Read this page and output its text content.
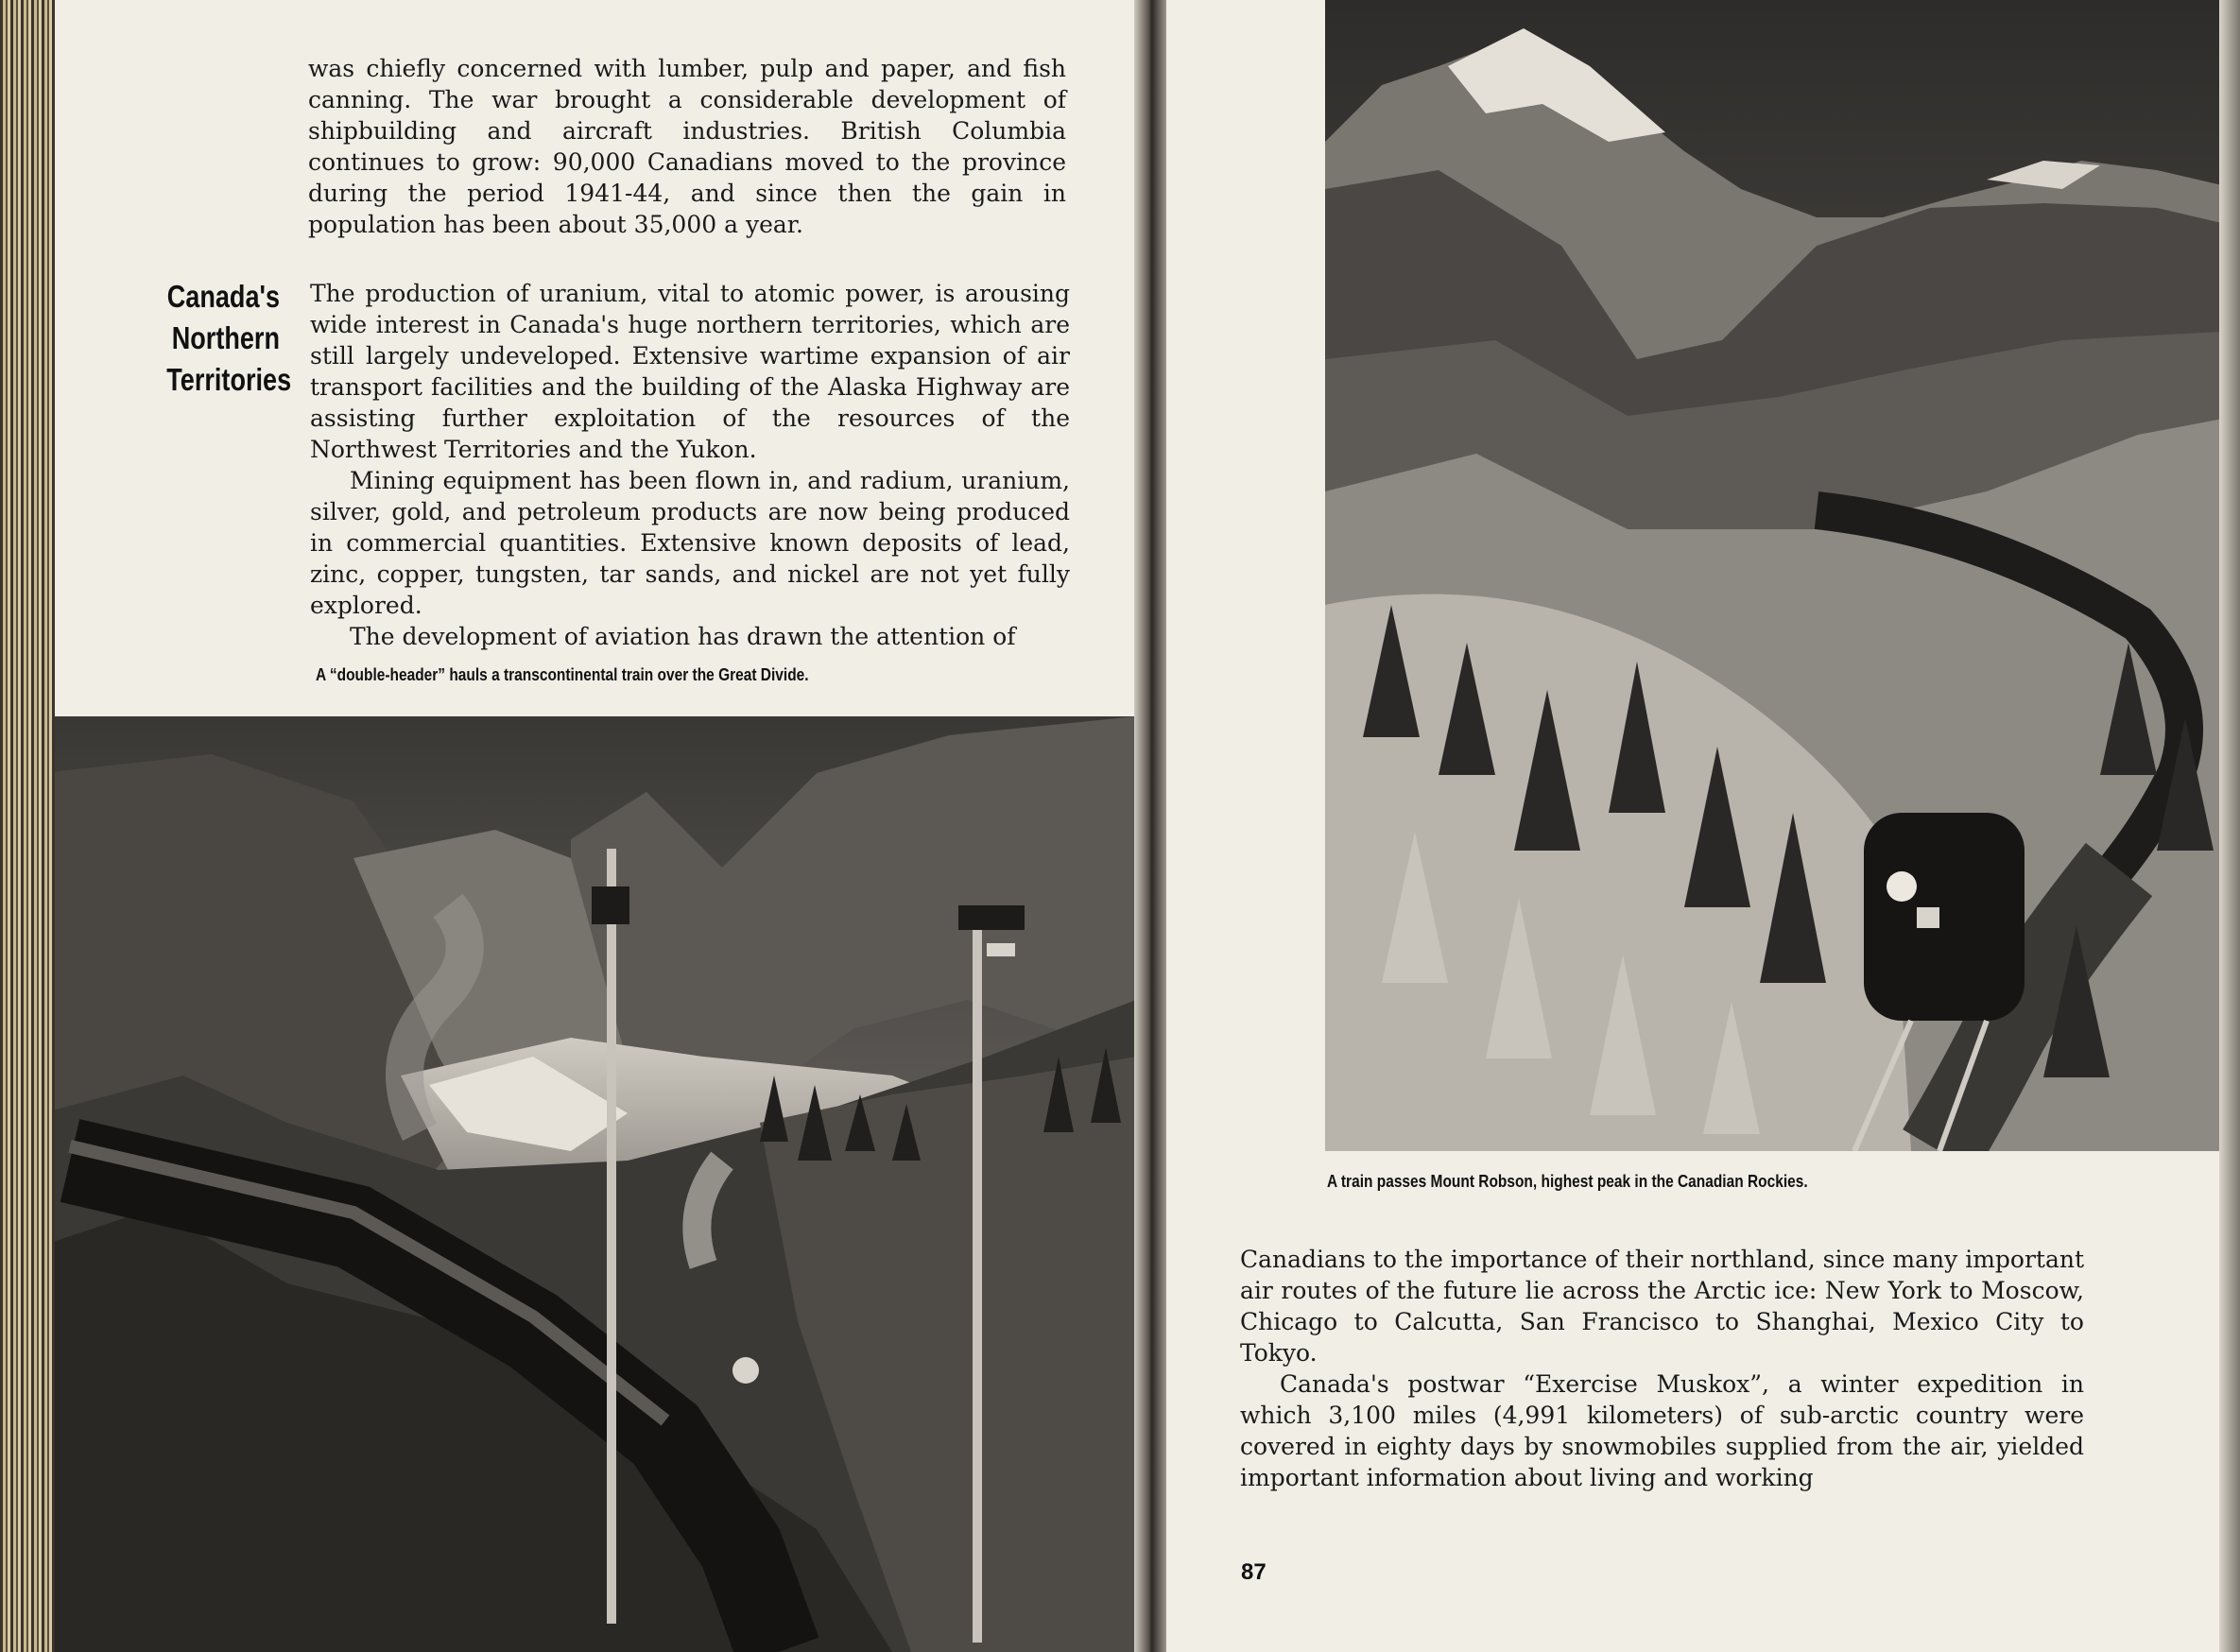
was chiefly concerned with lumber, pulp and paper, and fish canning. The war brought a considerable development of shipbuilding and aircraft industries. British Columbia continues to grow: 90,000 Canadians moved to the province during the period 1941-44, and since then the gain in population has been about 35,000 a year.

Canada's
Northern
Territories

The production of uranium, vital to atomic power, is arousing wide interest in Canada's huge northern territories, which are still largely undeveloped. Extensive wartime expansion of air transport facilities and the building of the Alaska Highway are assisting further exploitation of the resources of the Northwest Territories and the Yukon.

Mining equipment has been flown in, and radium, uranium, silver, gold, and petroleum products are now being produced in commercial quantities. Extensive known deposits of lead, zinc, copper, tungsten, tar sands, and nickel are not yet fully explored.

The development of aviation has drawn the attention of

A “double-header” hauls a transcontinental train over the Great Divide.

A train passes Mount Robson, highest peak in the Canadian Rockies.

Canadians to the importance of their northland, since many important air routes of the future lie across the Arctic ice: New York to Moscow, Chicago to Calcutta, San Francisco to Shanghai, Mexico City to Tokyo.

Canada's postwar “Exercise Muskox”, a winter expedition in which 3,100 miles (4,991 kilometers) of sub-arctic country were covered in eighty days by snowmobiles supplied from the air, yielded important information about living and working

87
